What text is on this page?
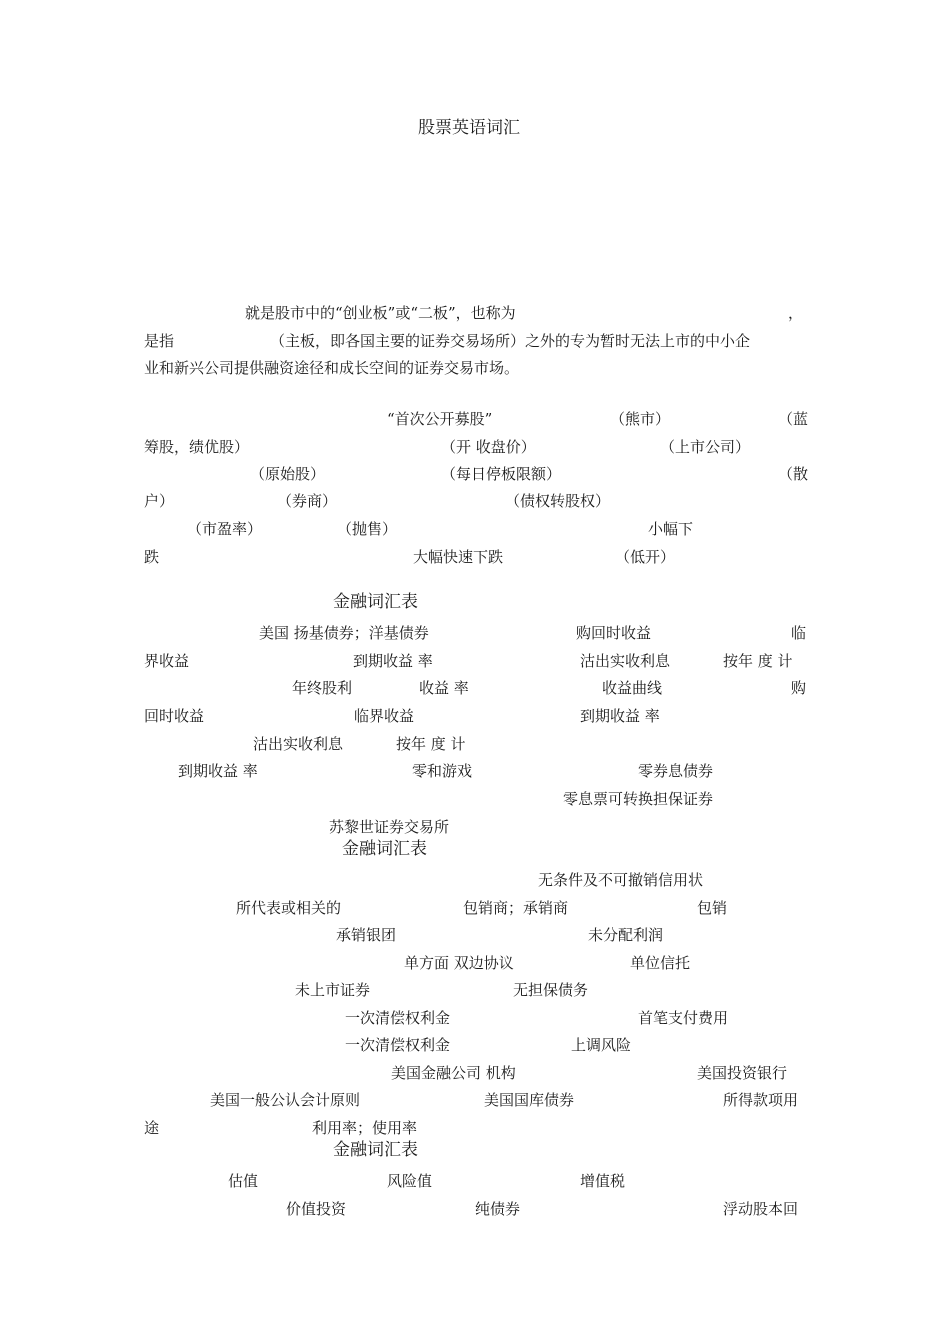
股票英语词汇
就是股市中的“创业板”或“二板”，也称为	，
是指	（主板，即各国主要的证券交易场所）之外的专为暂时无法上市的中小企
业和新兴公司提供融资途径和成长空间的证券交易市场。
“首次公开募股”	（熊市）	（蓝
筹股，绩优股）	（开 收盘价）	（上市公司）
（原始股）	（每日停板限额）	（散
户）	（券商）	（债权转股权）
（市盈率）	（抛售）	小幅下
跌	大幅快速下跌	（低开）
金融词汇表
美国 扬基债券；洋基债券	购回时收益	临
界收益	到期收益 率	沽出实收利息	按年 度 计
年终股利	收益 率	收益曲线	购
回时收益	临界收益	到期收益 率
沽出实收利息	按年 度 计
到期收益 率	零和游戏	零券息债券
零息票可转换担保证券
苏黎世证券交易所
金融词汇表
无条件及不可撤销信用状
所代表或相关的	包销商；承销商	包销
承销银团	未分配利润
单方面 双边协议	单位信托
未上市证券	无担保债务
一次清偿权利金	首笔支付费用
一次清偿权利金	上调风险
美国金融公司 机构	美国投资银行
美国一般公认会计原则	美国国库债券	所得款项用
途	利用率；使用率
金融词汇表
估值	风险值	增值税
价值投资	纯债券	浮动股本回
